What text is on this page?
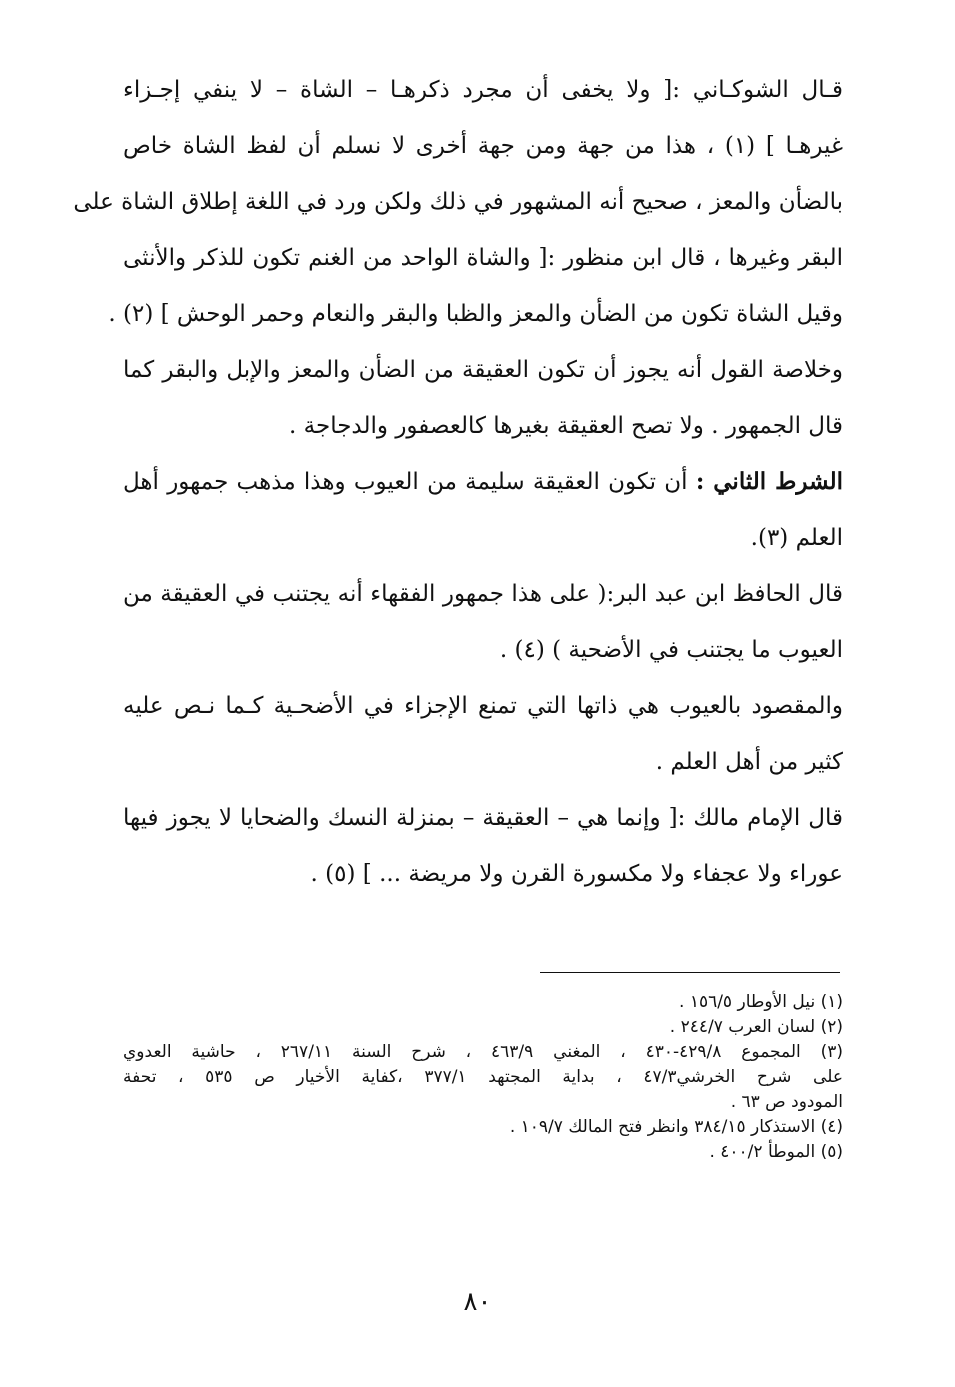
قـال الشوكـاني :[ ولا يخفى أن مجرد ذكرهـا – الشاة – لا ينفي إجـزاء
غيرهـا ] (١) ، هذا من جهة ومن جهة أخرى لا نسلم أن لفظ الشاة خاص
بالضأن والمعز ، صحيح أنه المشهور في ذلك ولكن ورد في اللغة إطلاق الشاة على
البقر وغيرها ، قال ابن منظور :[ والشاة الواحد من الغنم تكون للذكر والأنثى
وقيل الشاة تكون من الضأن والمعز والظبا والبقر والنعام وحمر الوحش ] (٢) .
وخلاصة القول أنه يجوز أن تكون العقيقة من الضأن والمعز والإبل والبقر كما
قال الجمهور . ولا تصح العقيقة بغيرها كالعصفور والدجاجة .
الشرط الثاني : أن تكون العقيقة سليمة من العيوب وهذا مذهب جمهور أهل
العلم (٣).
قال الحافظ ابن عبد البر:( على هذا جمهور الفقهاء أنه يجتنب في العقيقة من
العيوب ما يجتنب في الأضحية ) (٤) .
والمقصود بالعيوب هي ذاتها التي تمنع الإجزاء في الأضحـية كـما نـص عليه
كثير من أهل العلم .
قال الإمام مالك :[ وإنما هي – العقيقة – بمنزلة النسك والضحايا لا يجوز فيها
عوراء ولا عجفاء ولا مكسورة القرن ولا مريضة ... ] (٥) .
(١) نيل الأوطار ١٥٦/٥ .
(٢) لسان العرب ٢٤٤/٧ .
(٣) المجموع ٤٢٩/٨-٤٣٠ ، المغني ٤٦٣/٩ ، شرح السنة ٢٦٧/١١ ، حاشية العدوي
على شرح الخرشي٤٧/٣ ، بداية المجتهد ٣٧٧/١ ،كفاية الأخيار ص ٥٣٥ ، تحفة
المودود ص ٦٣ .
(٤) الاستذكار ٣٨٤/١٥ وانظر فتح المالك ١٠٩/٧ .
(٥) الموطأ ٤٠٠/٢ .
٨٠
